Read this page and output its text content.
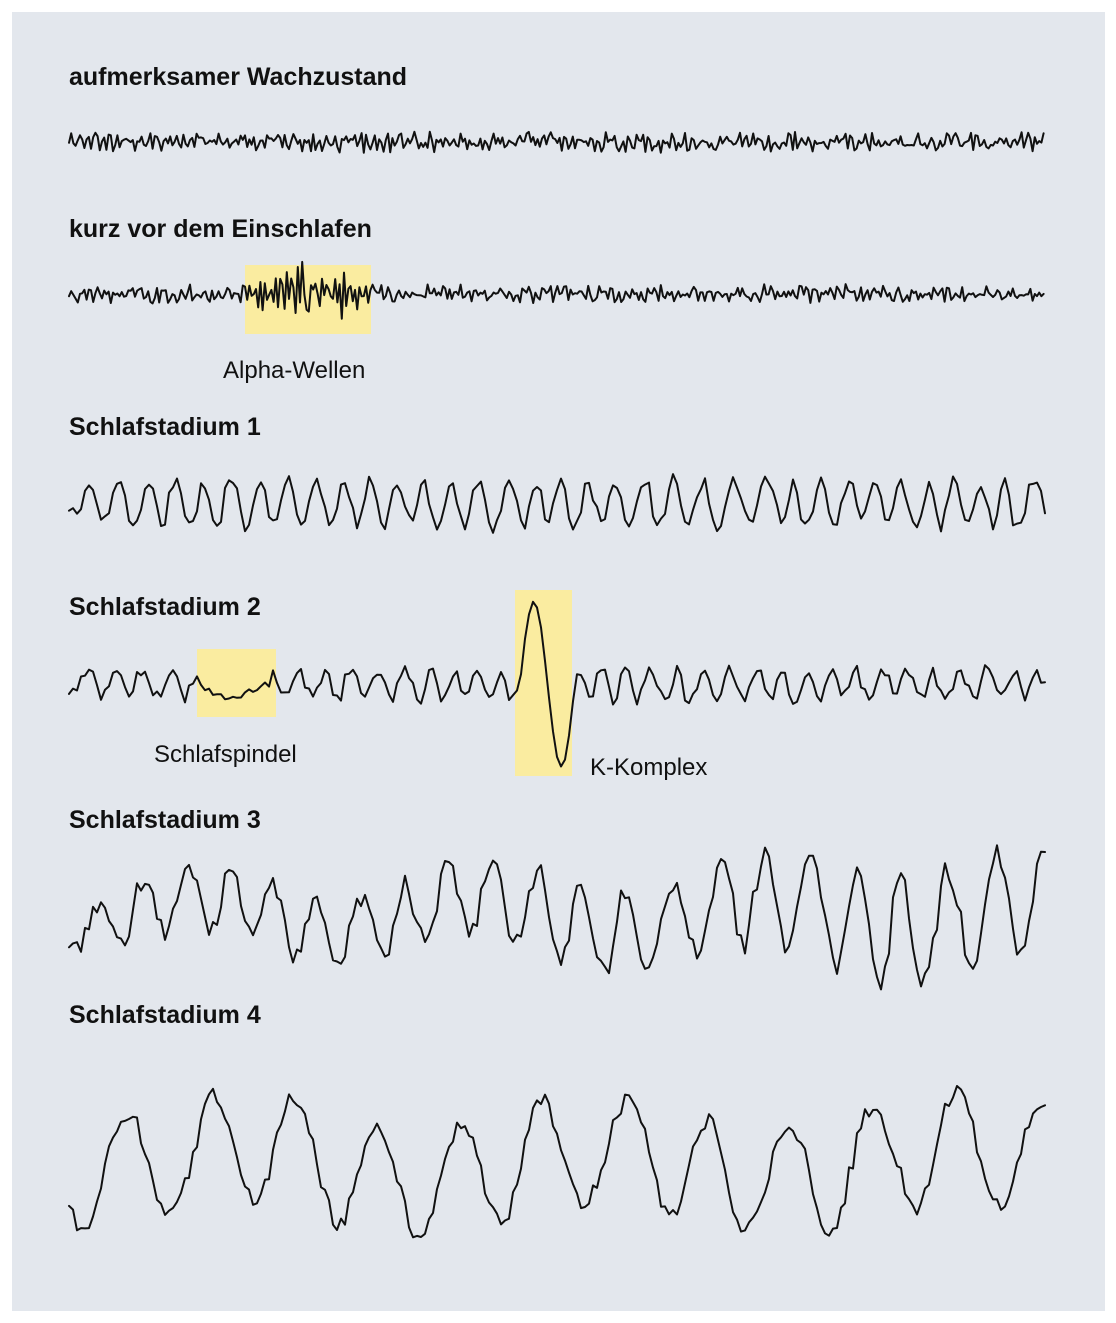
aufmerksamer Wachzustand
kurz vor dem Einschlafen
Schlafstadium 1
Schlafstadium 2
Schlafstadium 3
Schlafstadium 4
Alpha-Wellen
Schlafspindel	K-Komplex
